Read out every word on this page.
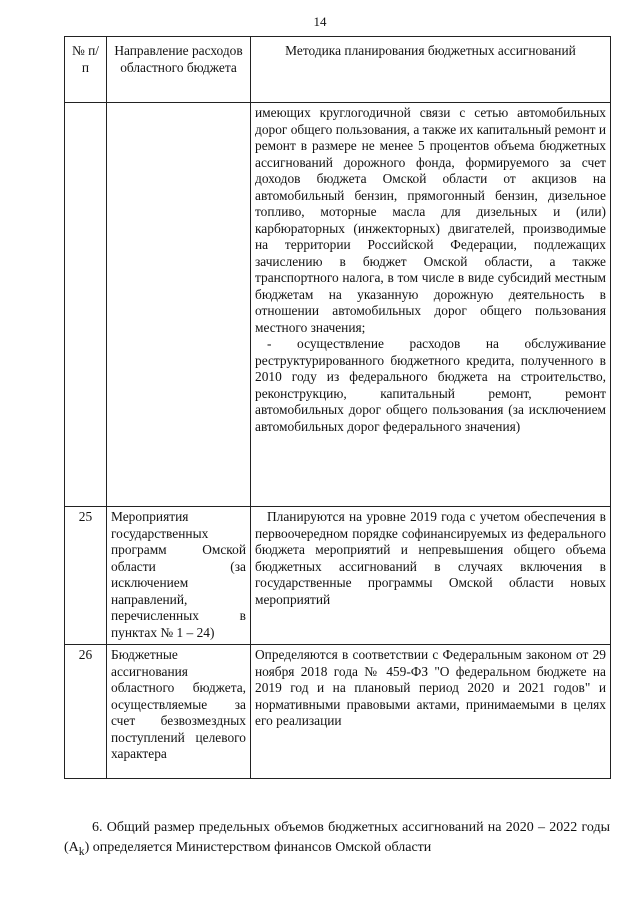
14
№ п/п	Направление расходов областного бюджета	Методика планирования бюджетных ассигнований

		имеющих круглогодичной связи с сетью автомобильных дорог общего пользования, а также их капитальный ремонт и ремонт в размере не менее 5 процентов объема бюджетных ассигнований дорожного фонда, формируемого за счет доходов бюджета Омской области от акцизов на автомобильный бензин, прямогонный бензин, дизельное топливо, моторные масла для дизельных и (или) карбюраторных (инжекторных) двигателей, производимые на территории Российской Федерации, подлежащих зачислению в бюджет Омской области, а также транспортного налога, в том числе в виде субсидий местным бюджетам на указанную дорожную деятельность в отношении автомобильных дорог общего пользования местного значения;

- осуществление расходов на обслуживание реструктурированного бюджетного кредита, полученного в 2010 году из федерального бюджета на строительство, реконструкцию, капитальный ремонт, ремонт автомобильных дорог общего пользования (за исключением автомобильных дорог федерального значения)

25	Мероприятия государственных программ Омской области (за исключением направлений, перечисленных в пунктах № 1 – 24)	Планируются на уровне 2019 года с учетом обеспечения в первоочередном порядке софинансируемых из федерального бюджета мероприятий и непревышения общего объема бюджетных ассигнований в случаях включения в государственные программы Омской области новых мероприятий
26	Бюджетные ассигнования областного бюджета, осуществляемые за счет безвозмездных поступлений целевого характера	Определяются в соответствии с Федеральным законом от 29 ноября 2018 года № 459-ФЗ "О федеральном бюджете на 2019 год и на плановый период 2020 и 2021 годов" и нормативными правовыми актами, принимаемыми в целях его реализации

6. Общий размер предельных объемов бюджетных ассигнований на 2020 – 2022 годы $(A_k)$ определяется Министерством финансов Омской области
